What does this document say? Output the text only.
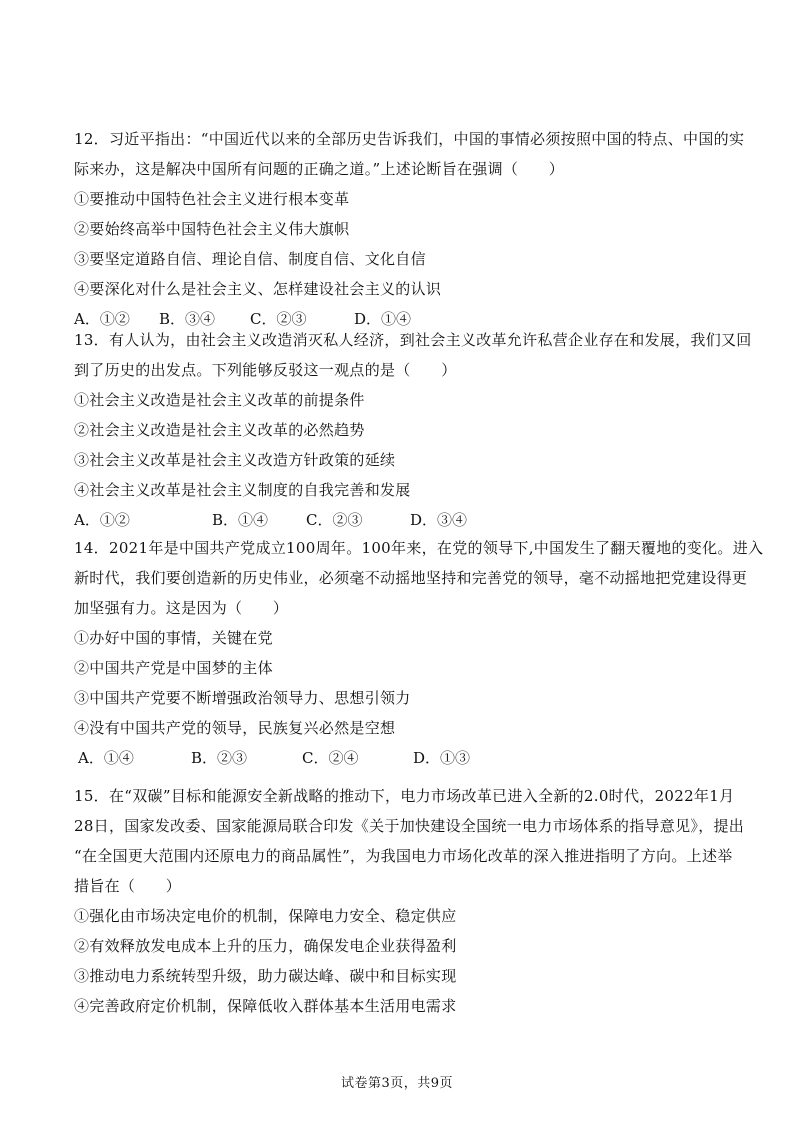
12．习近平指出：“中国近代以来的全部历史告诉我们，中国的事情必须按照中国的特点、中国的实
际来办，这是解决中国所有问题的正确之道。”上述论断旨在强调（　　）
①要推动中国特色社会主义进行根本变革
②要始终高举中国特色社会主义伟大旗帜
③要坚定道路自信、理论自信、制度自信、文化自信
④要深化对什么是社会主义、怎样建设社会主义的认识
A．①②	B．③④	C．②③	D．①④
13．有人认为，由社会主义改造消灭私人经济，到社会主义改革允许私营企业存在和发展，我们又回
到了历史的出发点。下列能够反驳这一观点的是（　　）
①社会主义改造是社会主义改革的前提条件
②社会主义改造是社会主义改革的必然趋势
③社会主义改革是社会主义改造方针政策的延续
④社会主义改革是社会主义制度的自我完善和发展
A．①②	B．①④	C．②③	D．③④
14．2021年是中国共产党成立100周年。100年来，在党的领导下,中国发生了翻天覆地的变化。进入
新时代，我们要创造新的历史伟业，必须毫不动摇地坚持和完善党的领导，毫不动摇地把党建设得更
加坚强有力。这是因为（　　）
①办好中国的事情，关键在党
②中国共产党是中国梦的主体
③中国共产党要不断增强政治领导力、思想引领力
④没有中国共产党的领导，民族复兴必然是空想
A．①④	B．②③	C．②④	D．①③
15．在“双碳”目标和能源安全新战略的推动下，电力市场改革已进入全新的2.0时代，2022年1月
28日，国家发改委、国家能源局联合印发《关于加快建设全国统一电力市场体系的指导意见》，提出
“在全国更大范围内还原电力的商品属性”，为我国电力市场化改革的深入推进指明了方向。上述举
措旨在（　　）
①强化由市场决定电价的机制，保障电力安全、稳定供应
②有效释放发电成本上升的压力，确保发电企业获得盈利
③推动电力系统转型升级，助力碳达峰、碳中和目标实现
④完善政府定价机制，保障低收入群体基本生活用电需求
试卷第3页，共9页
